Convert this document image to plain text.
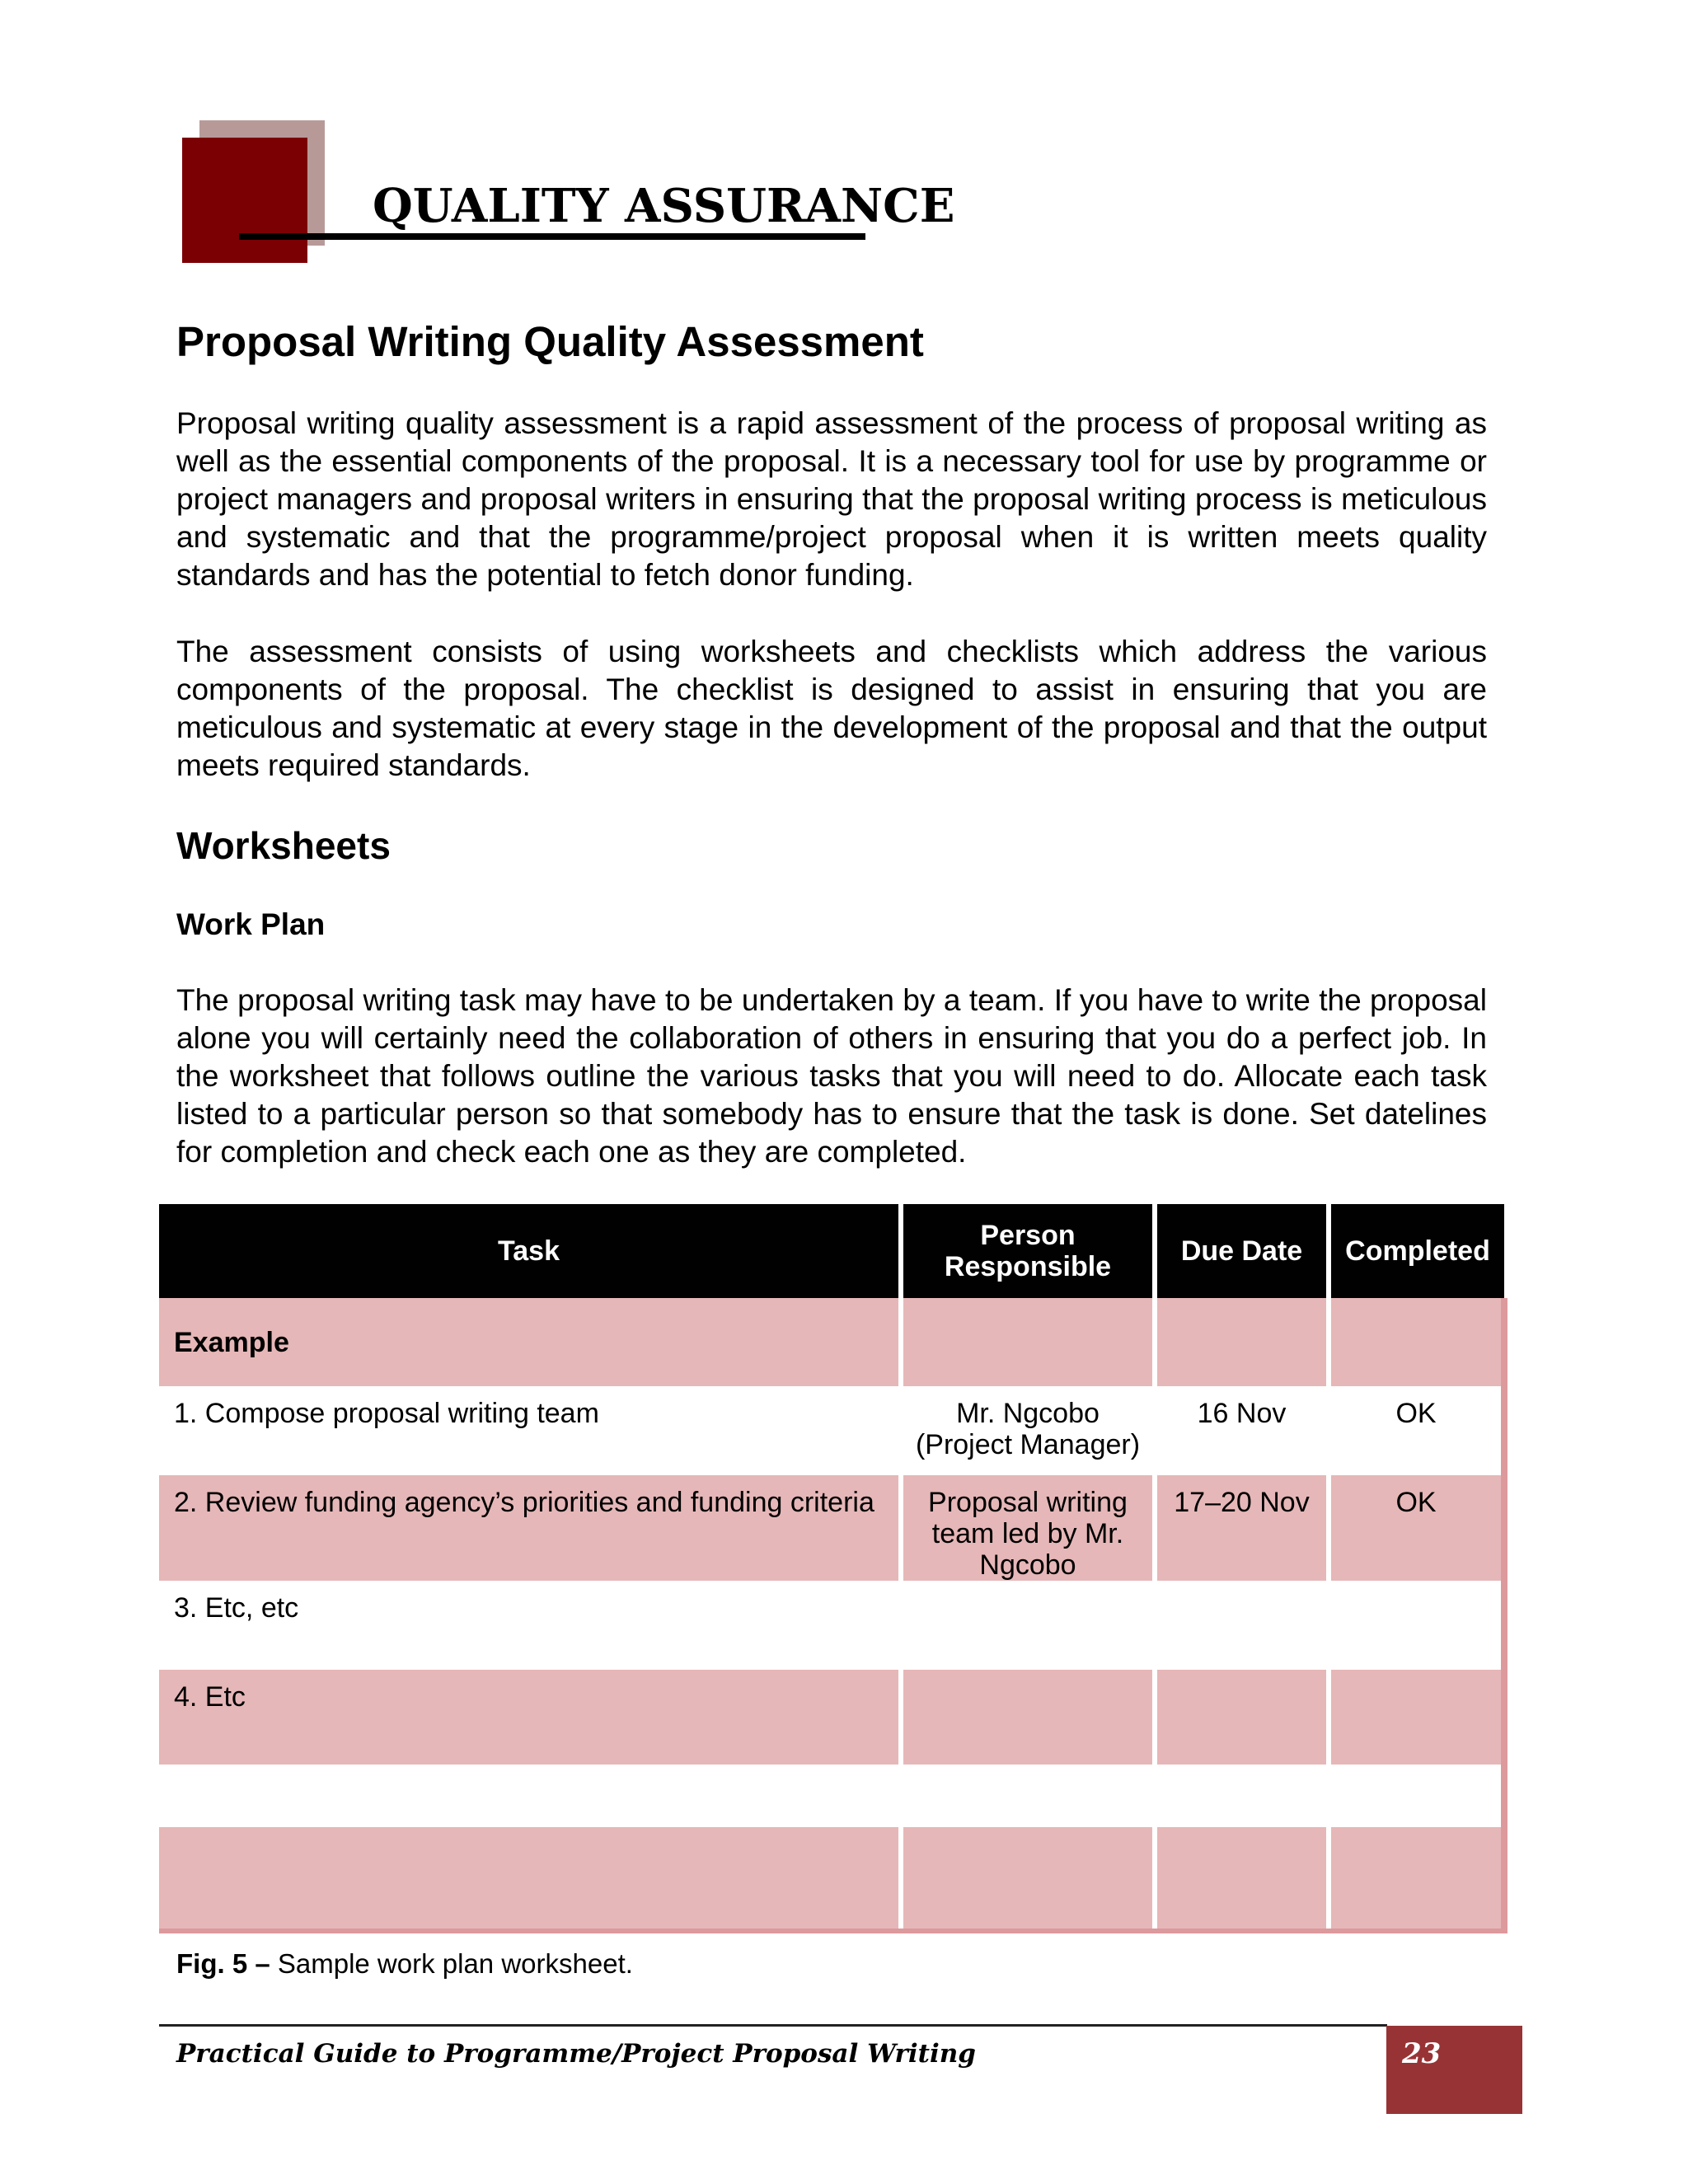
QUALITY ASSURANCE
Proposal Writing Quality Assessment

Proposal writing quality assessment is a rapid assessment of the process of proposal writing as well as the essential components of the proposal. It is a necessary tool for use by programme or project managers and proposal writers in ensuring that the proposal writing process is meticulous and systematic and that the programme/project proposal when it is written meets quality standards and has the potential to fetch donor funding.

The assessment consists of using worksheets and checklists which address the various components of the proposal. The checklist is designed to assist in ensuring that you are meticulous and systematic at every stage in the development of the proposal and that the output meets required standards.

Worksheets
Work Plan

The proposal writing task may have to be undertaken by a team. If you have to write the proposal alone you will certainly need the collaboration of others in ensuring that you do a perfect job. In the worksheet that follows outline the various tasks that you will need to do. Allocate each task listed to a particular person so that somebody has to ensure that the task is done. Set datelines for completion and check each one as they are completed.

Task	Person Responsible	Due Date	Completed
Example			
1. Compose proposal writing team	Mr. Ngcobo (Project Manager)	16 Nov	OK
2. Review funding agency’s priorities and funding criteria	Proposal writing team led by Mr. Ngcobo	17–20 Nov	OK
3. Etc, etc			
4. Etc			

Fig. 5 – Sample work plan worksheet.
Practical Guide to Programme/Project Proposal Writing	23
